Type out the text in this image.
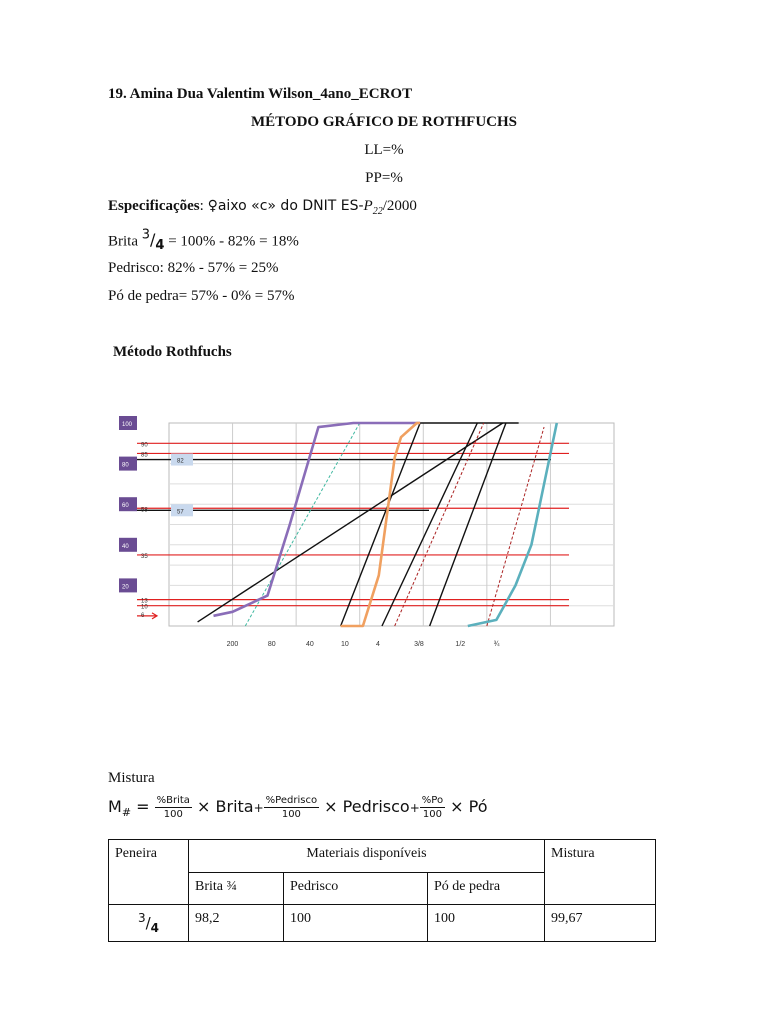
19. Amina Dua Valentim Wilson_4ano_ECROT
MÉTODO GRÁFICO DE ROTHFUCHS
LL=%
PP=%
Especificações: ♀aixo «c» do DNIT $ES-P_{22}/2000$
Brita $^3/_4 = 100\% - 82\% = 18\%$
Pedrisco: 82% - 57% = 25%
Pó de pedra= 57% - 0% = 57%
Método Rothfuchs
200	80	40	10	4	3/8	1/2	¾
100
80
60
40
20
90
85
6
58
35
10
13
82
57
Mistura
$M_{\#} = \frac{\text{\%Brita}}{100}$ × Brita+ $\frac{\text{\%Pedrisco}}{100}$ × Pedrisco+ $\frac{\%Po}{100}$ × Pó
Peneira	Materiais disponíveis			Mistura
	Brita ¾	Pedrisco	Pó de pedra	
$^3/_4$	98,2	100	100	99,67
